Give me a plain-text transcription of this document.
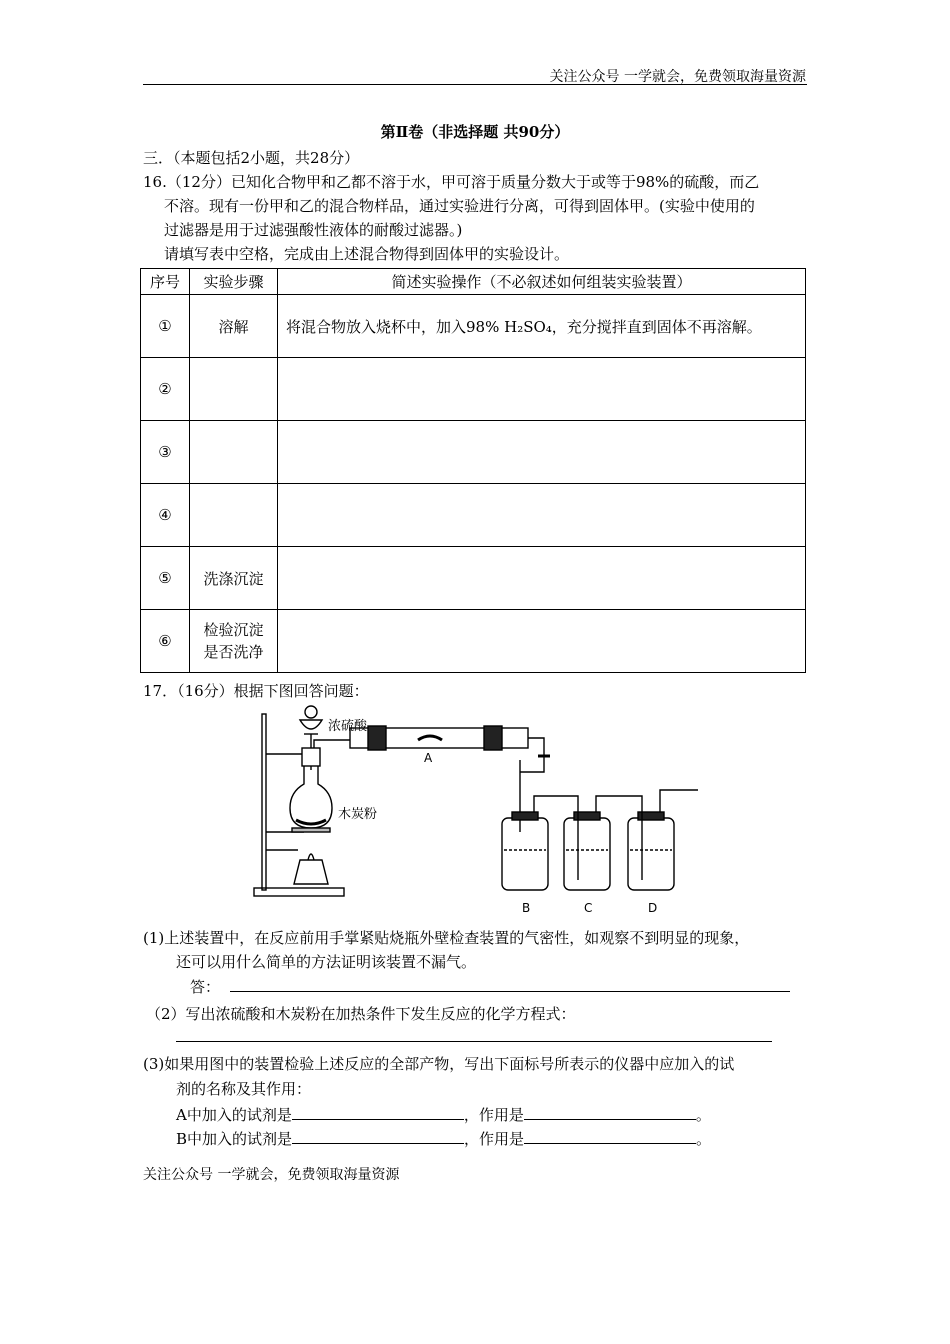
关注公众号 一学就会，免费领取海量资源
第Ⅱ卷（非选择题 共90分）
三．（本题包括2小题，共28分）
16.（12分）已知化合物甲和乙都不溶于水，甲可溶于质量分数大于或等于98%的硫酸，而乙
不溶。现有一份甲和乙的混合物样品，通过实验进行分离，可得到固体甲。(实验中使用的
过滤器是用于过滤强酸性液体的耐酸过滤器。)
请填写表中空格，完成由上述混合物得到固体甲的实验设计。
序号	实验步骤	简述实验操作（不必叙述如何组装实验装置）
①	溶解	将混合物放入烧杯中，加入98% H₂SO₄，充分搅拌直到固体不再溶解。
②		
③		
④		
⑤	洗涤沉淀	
⑥	检验沉淀
是否洗净	

17．（16分）根据下图回答问题：
浓硫酸
木炭粉
A
B	C	D
(1)上述装置中，在反应前用手掌紧贴烧瓶外壁检查装置的气密性，如观察不到明显的现象，
还可以用什么简单的方法证明该装置不漏气。
答：
（2）写出浓硫酸和木炭粉在加热条件下发生反应的化学方程式：
(3)如果用图中的装置检验上述反应的全部产物，写出下面标号所表示的仪器中应加入的试
剂的名称及其作用：
A中加入的试剂是	，作用是	。
B中加入的试剂是	，作用是	。
关注公众号 一学就会，免费领取海量资源
